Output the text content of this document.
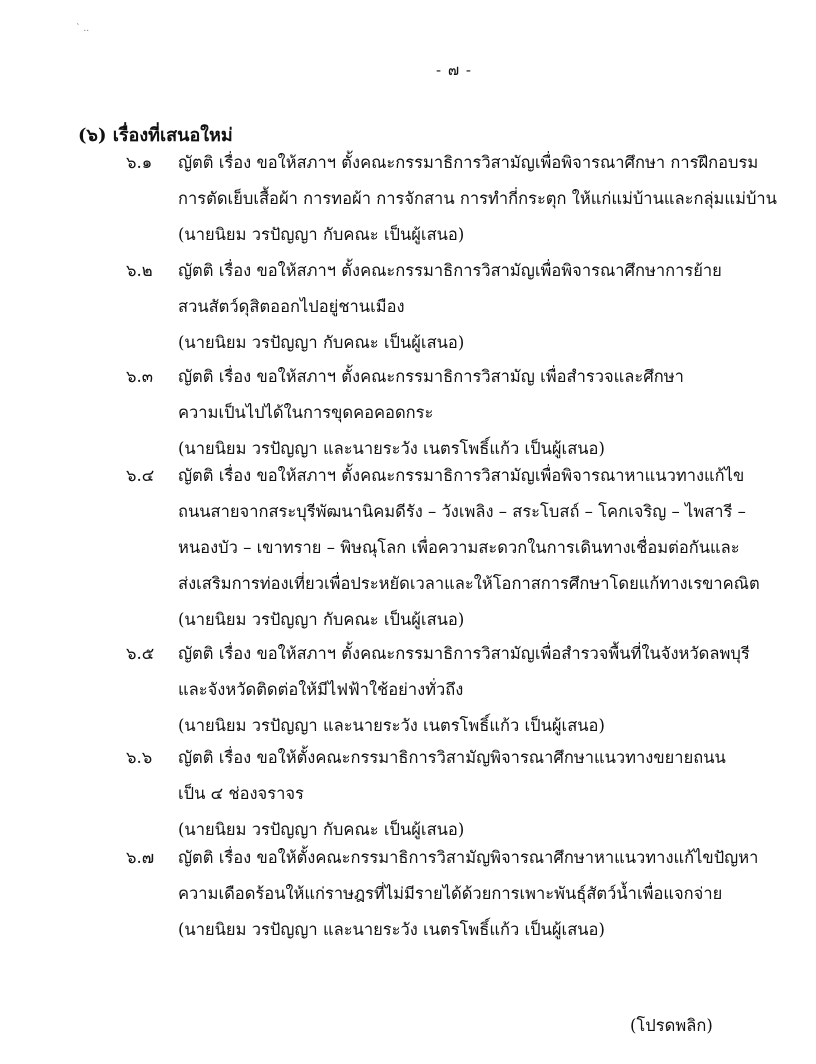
` ..
- ๗ -
(๖) เรื่องที่เสนอใหม่
๖.๑ ญัตติ เรื่อง ขอให้สภาฯ ตั้งคณะกรรมาธิการวิสามัญเพื่อพิจารณาศึกษา การฝึกอบรม
การตัดเย็บเสื้อผ้า การทอผ้า การจักสาน การทำกี่กระตุก ให้แก่แม่บ้านและกลุ่มแม่บ้าน
(นายนิยม วรปัญญา กับคณะ เป็นผู้เสนอ)
๖.๒ ญัตติ เรื่อง ขอให้สภาฯ ตั้งคณะกรรมาธิการวิสามัญเพื่อพิจารณาศึกษาการย้าย
สวนสัตว์ดุสิตออกไปอยู่ชานเมือง
(นายนิยม วรปัญญา กับคณะ เป็นผู้เสนอ)
๖.๓ ญัตติ เรื่อง ขอให้สภาฯ ตั้งคณะกรรมาธิการวิสามัญ เพื่อสำรวจและศึกษา
ความเป็นไปได้ในการขุดคอคอดกระ
(นายนิยม วรปัญญา และนายระวัง เนตรโพธิ์แก้ว เป็นผู้เสนอ)
๖.๔ ญัตติ เรื่อง ขอให้สภาฯ ตั้งคณะกรรมาธิการวิสามัญเพื่อพิจารณาหาแนวทางแก้ไข
ถนนสายจากสระบุรีพัฒนานิคมดีรัง – วังเพลิง – สระโบสถ์ – โคกเจริญ – ไพสารี –
หนองบัว – เขาทราย – พิษณุโลก เพื่อความสะดวกในการเดินทางเชื่อมต่อกันและ
ส่งเสริมการท่องเที่ยวเพื่อประหยัดเวลาและให้โอกาสการศึกษาโดยแก้ทางเรขาคณิต
(นายนิยม วรปัญญา กับคณะ เป็นผู้เสนอ)
๖.๕ ญัตติ เรื่อง ขอให้สภาฯ ตั้งคณะกรรมาธิการวิสามัญเพื่อสำรวจพื้นที่ในจังหวัดลพบุรี
และจังหวัดติดต่อให้มีไฟฟ้าใช้อย่างทั่วถึง
(นายนิยม วรปัญญา และนายระวัง เนตรโพธิ์แก้ว เป็นผู้เสนอ)
๖.๖ ญัตติ เรื่อง ขอให้ตั้งคณะกรรมาธิการวิสามัญพิจารณาศึกษาแนวทางขยายถนน
เป็น ๔ ช่องจราจร
(นายนิยม วรปัญญา กับคณะ เป็นผู้เสนอ)
๖.๗ ญัตติ เรื่อง ขอให้ตั้งคณะกรรมาธิการวิสามัญพิจารณาศึกษาหาแนวทางแก้ไขปัญหา
ความเดือดร้อนให้แก่ราษฎรที่ไม่มีรายได้ด้วยการเพาะพันธุ์สัตว์น้ำเพื่อแจกจ่าย
(นายนิยม วรปัญญา และนายระวัง เนตรโพธิ์แก้ว เป็นผู้เสนอ)
(โปรดพลิก)
